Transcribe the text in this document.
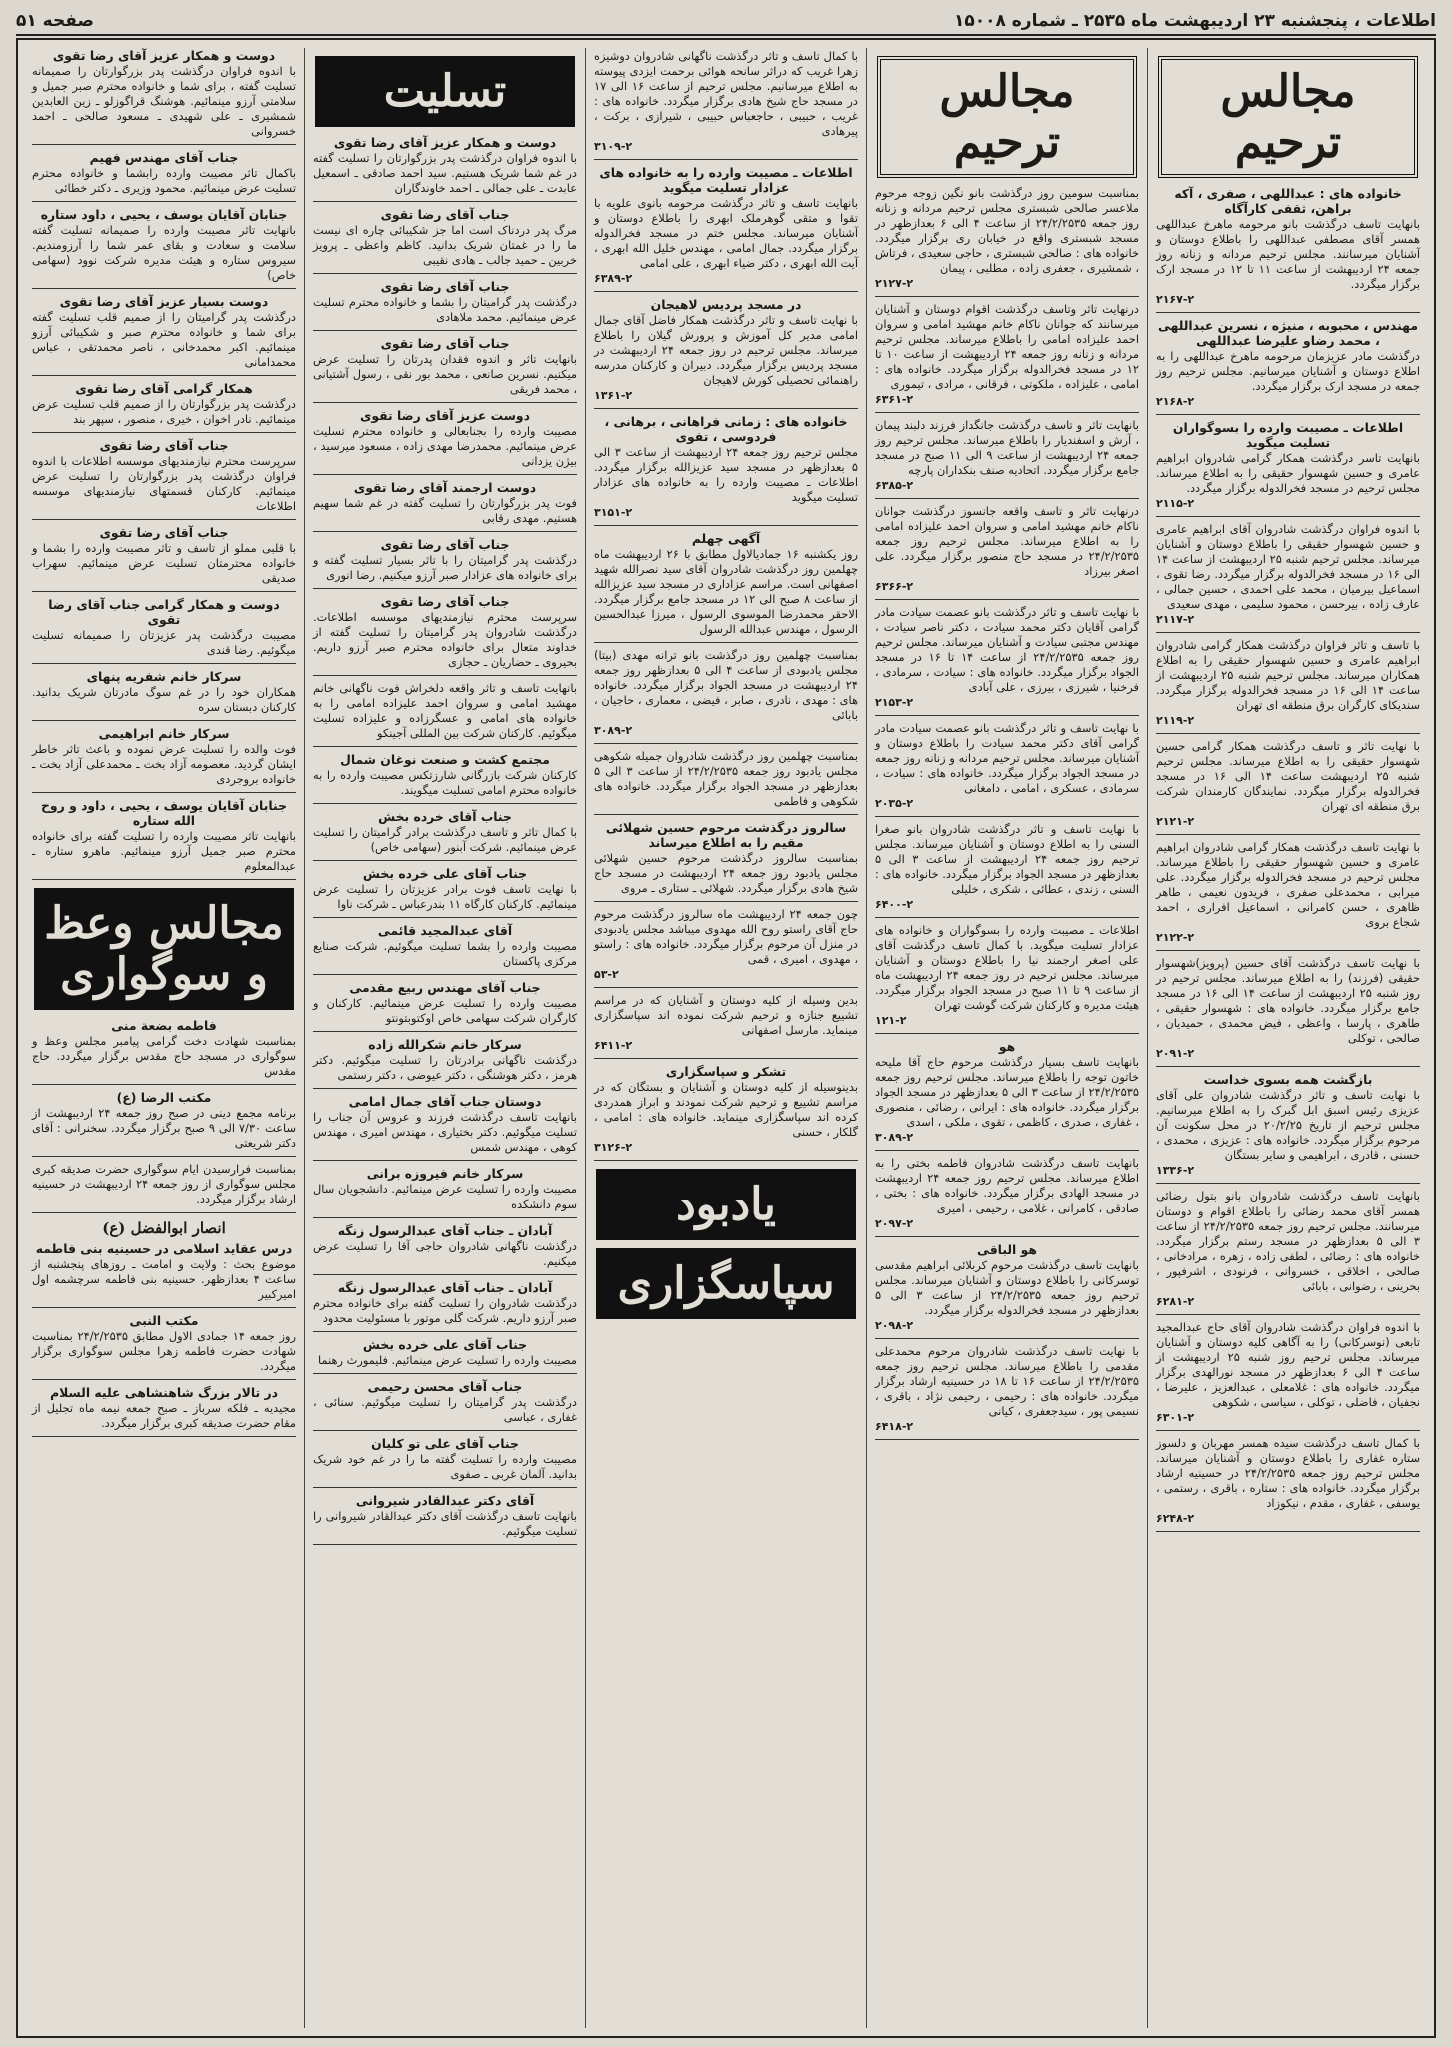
اطلاعات ، پنجشنبه ۲۳ اردیبهشت ماه ۲۵۳۵ ـ شماره ۱۵۰۰۸
صفحه ۵۱
مجالس ترحیم
خانواده های : عبداللهی ، صفری ، آکه براهن، ثقفی کارآگاه
بانهایت تاسف درگذشت بانو مرحومه ماهرخ عبداللهی همسر آقای مصطفی عبداللهی را باطلاع دوستان و آشنایان میرسانند. مجلس ترحیم مردانه و زنانه روز جمعه ۲۴ اردیبهشت از ساعت ۱۱ تا ۱۲ در مسجد ارک برگزار میگردد.
۲۱۶۷-۲
مهندس ، محبوبه ، منیژه ، نسرین عبداللهی ، محمد رضاو علیرضا عبداللهی
درگذشت مادر عزیزمان مرحومه ماهرخ عبداللهی را به اطلاع دوستان و آشنایان میرسانیم. مجلس ترحیم روز جمعه در مسجد ارک برگزار میگردد.
۲۱۶۸-۲
اطلاعات ـ مصیبت وارده را بسوگواران تسلیت میگوید
بانهایت تاسر درگذشت همکار گرامی شادروان ابراهیم عامری و حسین شهسوار حقیقی را به اطلاع میرساند. مجلس ترحیم در مسجد فخرالدوله برگزار میگردد.
۲۱۱۵-۲
با اندوه فراوان درگذشت شادروان آقای ابراهیم عامری و حسین شهسوار حقیقی را باطلاع دوستان و آشنایان میرساند. مجلس ترحیم شنبه ۲۵ اردیبهشت از ساعت ۱۴ الی ۱۶ در مسجد فخرالدوله برگزار میگردد. رضا تقوی ، اسماعیل بیرمیان ، محمد علی احمدی ، حسین جمالی ، عارف زاده ، بیرحسن ، محمود سلیمی ، مهدی سعیدی
۲۱۱۷-۲
با تاسف و تاثر فراوان درگذشت همکار گرامی شادروان ابراهیم عامری و حسین شهسوار حقیقی را به اطلاع همکاران میرساند. مجلس ترحیم شنبه ۲۵ اردیبهشت از ساعت ۱۴ الی ۱۶ در مسجد فخرالدوله برگزار میگردد. سندیکای کارگران برق منطقه ای تهران
۲۱۱۹-۲
با نهایت تاثر و تاسف درگذشت همکار گرامی حسین شهسوار حقیقی را به اطلاع میرساند. مجلس ترحیم شنبه ۲۵ اردیبهشت ساعت ۱۴ الی ۱۶ در مسجد فخرالدوله برگزار میگردد. نمایندگان کارمندان شرکت برق منطقه ای تهران
۲۱۲۱-۲
با نهایت تاسف درگذشت همکار گرامی شادروان ابراهیم عامری و حسین شهسوار حقیقی را باطلاع میرساند. مجلس ترحیم در مسجد فخرالدوله برگزار میگردد. علی میرابی ، محمدعلی صفری ، فریدون نعیمی ، طاهر ظاهری ، حسن کامرانی ، اسماعیل افراری ، احمد شجاع بروی
۲۱۲۲-۲
با نهایت تاسف درگذشت آقای حسین (پرویز)شهسوار حقیقی (فرزند) را به اطلاع میرساند. مجلس ترحیم در روز شنبه ۲۵ اردیبهشت از ساعت ۱۴ الی ۱۶ در مسجد جامع برگزار میگردد. خانواده های : شهسوار حقیقی ، طاهری ، پارسا ، واعظی ، فیض محمدی ، حمیدیان ، صالحی ، توکلی
۲۰۹۱-۲
بازگشت همه بسوی خداست
با نهایت تاسف و تاثر درگذشت شادروان علی آقای عزیزی رئیس اسبق ابل گبرک را به اطلاع میرسانیم. مجلس ترحیم از تاریخ ۲۰/۲/۲۵ در محل سکونت آن مرحوم برگزار میگردد. خانواده های : عزیزی ، محمدی ، حسنی ، قادری ، ابراهیمی و سایر بستگان
۱۳۳۶-۲
بانهایت تاسف درگذشت شادروان بانو بتول رضائی همسر آقای محمد رضائی را باطلاع اقوام و دوستان میرسانند. مجلس ترحیم روز جمعه ۲۴/۲/۲۵۳۵ از ساعت ۳ الی ۵ بعدازظهر در مسجد رستم برگزار میگردد. خانواده های : رضائی ، لطفی زاده ، زهره ، مرادخانی ، صالحی ، اخلاقی ، خسروانی ، فرنودی ، اشرفپور ، بحرینی ، رضوانی ، بابائی
۶۲۸۱-۲
با اندوه فراوان درگذشت شادروان آقای حاج عبدالمجید تابعی (نوسرکانی) را به آگاهی کلیه دوستان و آشنایان میرساند. مجلس ترحیم روز شنبه ۲۵ اردیبهشت از ساعت ۴ الی ۶ بعدازظهر در مسجد نورالهدی برگزار میگردد. خانواده های : غلامعلی ، عبدالعزیز ، علیرضا ، نجفیان ، فاضلی ، توکلی ، سیاسی ، شکوهی
۶۳۰۱-۲
با کمال تاسف درگذشت سیده همسر مهربان و دلسوز ستاره غفاری را باطلاع دوستان و آشنایان میرساند. مجلس ترحیم روز جمعه ۲۴/۲/۲۵۳۵ در حسینیه ارشاد برگزار میگردد. خانواده های : ستاره ، باقری ، رستمی ، یوسفی ، غفاری ، مقدم ، نیکوزاد
۶۲۴۸-۲
مجالس ترحیم
بمناسبت سومین روز درگذشت بانو نگین زوجه مرحوم ملاعسر صالحی شبستری مجلس ترحیم مردانه و زنانه روز جمعه ۲۴/۲/۲۵۳۵ از ساعت ۴ الی ۶ بعدازظهر در مسجد شبستری واقع در خیابان ری برگزار میگردد. خانواده های : صالحی شبستری ، حاجی سعیدی ، فرتاش ، شمشیری ، جعفری زاده ، مطلبی ، پیمان
۲۱۲۷-۲
درنهایت تاثر وتاسف درگذشت اقوام دوستان و آشنایان میرسانند که جوانان ناکام خانم مهشید امامی و سروان احمد علیزاده امامی را باطلاع میرساند. مجلس ترحیم مردانه و زنانه روز جمعه ۲۴ اردیبهشت از ساعت ۱۰ تا ۱۲ در مسجد فخرالدوله برگزار میگردد. خانواده های : امامی ، علیزاده ، ملکوتی ، فرقانی ، مرادی ، تیموری
۶۳۶۱-۲
بانهایت تاثر و تاسف درگذشت جانگداز فرزند دلبند پیمان ، آرش و اسفندیار را باطلاع میرساند. مجلس ترحیم روز جمعه ۲۴ اردیبهشت از ساعت ۹ الی ۱۱ صبح در مسجد جامع برگزار میگردد. اتحادیه صنف بنکداران پارچه
۶۳۸۵-۲
درنهایت تاثر و تاسف واقعه جانسوز درگذشت جوانان ناکام خانم مهشید امامی و سروان احمد علیزاده امامی را به اطلاع میرساند. مجلس ترحیم روز جمعه ۲۴/۲/۲۵۳۵ در مسجد حاج منصور برگزار میگردد. علی اصغر بیرزاد
۶۳۶۶-۲
با نهایت تاسف و تاثر درگذشت بانو عصمت سیادت مادر گرامی آقایان دکتر محمد سیادت ، دکتر ناصر سیادت ، مهندس مجتبی سیادت و آشنایان میرساند. مجلس ترحیم روز جمعه ۲۴/۲/۲۵۳۵ از ساعت ۱۴ تا ۱۶ در مسجد الجواد برگزار میگردد. خانواده های : سیادت ، سرمادی ، فرخنیا ، شیرزی ، بیرزی ، علی آبادی
۲۱۵۳-۲
با نهایت تاسف و تاثر درگذشت بانو عصمت سیادت مادر گرامی آقای دکتر محمد سیادت را باطلاع دوستان و آشنایان میرساند. مجلس ترحیم مردانه و زنانه روز جمعه در مسجد الجواد برگزار میگردد. خانواده های : سیادت ، سرمادی ، عسکری ، امامی ، دامغانی
۲۰۳۵-۲
با نهایت تاسف و تاثر درگذشت شادروان بانو صغرا السنی را به اطلاع دوستان و آشنایان میرساند. مجلس ترحیم روز جمعه ۲۴ اردیبهشت از ساعت ۳ الی ۵ بعدازظهر در مسجد الجواد برگزار میگردد. خانواده های : السنی ، زندی ، عطائی ، شکری ، خلیلی
۶۴۰۰-۲
اطلاعات ـ مصیبت وارده را بسوگواران و خانواده های عزادار تسلیت میگوید. با کمال تاسف درگذشت آقای علی اصغر ارجمند نیا را باطلاع دوستان و آشنایان میرساند. مجلس ترحیم در روز جمعه ۲۴ اردیبهشت ماه از ساعت ۹ تا ۱۱ صبح در مسجد الجواد برگزار میگردد. هیئت مدیره و کارکنان شرکت گوشت تهران
۱۲۱-۲
هو
بانهایت تاسف بسیار درگذشت مرحوم حاج آقا ملیحه خاتون توجه را باطلاع میرساند. مجلس ترحیم روز جمعه ۲۴/۲/۲۵۳۵ از ساعت ۳ الی ۵ بعدازظهر در مسجد الجواد برگزار میگردد. خانواده های : ایرانی ، رضائی ، منصوری ، غفاری ، صدری ، کاظمی ، تقوی ، ملکی ، اسدی
۳۰۸۹-۲
بانهایت تاسف درگذشت شادروان فاطمه بختی را به اطلاع میرساند. مجلس ترحیم روز جمعه ۲۴ اردیبهشت در مسجد الهادی برگزار میگردد. خانواده های : بختی ، صادقی ، کامرانی ، غلامی ، رحیمی ، امیری
۲۰۹۷-۲
هو الباقی
بانهایت تاسف درگذشت مرحوم کربلائی ابراهیم مقدسی توسرکانی را باطلاع دوستان و آشنایان میرساند. مجلس ترحیم روز جمعه ۲۴/۲/۲۵۳۵ از ساعت ۳ الی ۵ بعدازظهر در مسجد فخرالدوله برگزار میگردد.
۲۰۹۸-۲
با نهایت تاسف درگذشت شادروان مرحوم محمدعلی مقدمی را باطلاع میرساند. مجلس ترحیم روز جمعه ۲۴/۲/۲۵۳۵ از ساعت ۱۶ تا ۱۸ در حسینیه ارشاد برگزار میگردد. خانواده های : رحیمی ، رحیمی نژاد ، باقری ، نسیمی پور ، سیدجعفری ، کیانی
۶۴۱۸-۲
با کمال تاسف و تاثر درگذشت ناگهانی شادروان دوشیزه زهرا غریب که دراثر سانحه هوائی برحمت ایزدی پیوسته به اطلاع میرسانیم. مجلس ترحیم از ساعت ۱۶ الی ۱۷ در مسجد حاج شیخ هادی برگزار میگردد. خانواده های : غریب ، حبیبی ، حاجعباس حبیبی ، شیرازی ، برکت ، پیرهادی
۳۱۰۹-۲
اطلاعات ـ مصیبت وارده را به خانواده های عزادار تسلیت میگوید
بانهایت تاسف و تاثر درگذشت مرحومه بانوی علویه با تقوا و متقی گوهرملک ابهری را باطلاع دوستان و آشنایان میرساند. مجلس ختم در مسجد فخرالدوله برگزار میگردد. جمال امامی ، مهندس خلیل الله ابهری ، آیت الله ابهری ، دکتر ضیاء ابهری ، علی امامی
۶۳۸۹-۲
در مسجد پردیس لاهیجان
با نهایت تاسف و تاثر درگذشت همکار فاضل آقای جمال امامی مدیر کل آموزش و پرورش گیلان را باطلاع میرساند. مجلس ترحیم در روز جمعه ۲۴ اردیبهشت در مسجد پردیس برگزار میگردد. دبیران و کارکنان مدرسه راهنمائی تحصیلی کورش لاهیجان
۱۳۶۱-۲
خانواده های : زمانی فراهانی ، برهانی ، فردوسی ، تفوی
مجلس ترحیم روز جمعه ۲۴ اردیبهشت از ساعت ۳ الی ۵ بعدازظهر در مسجد سید عزیزالله برگزار میگردد. اطلاعات ـ مصیبت وارده را به خانواده های عزادار تسلیت میگوید
۳۱۵۱-۲
آگهی چهلم
روز یکشنبه ۱۶ جمادیالاول مطابق با ۲۶ اردیبهشت ماه چهلمین روز درگذشت شادروان آقای سید نصرالله شهید اصفهانی است. مراسم عزاداری در مسجد سید عزیزالله از ساعت ۸ صبح الی ۱۲ در مسجد جامع برگزار میگردد. الاحقر محمدرضا الموسوی الرسول ، میرزا عبدالحسین الرسول ، مهندس عبدالله الرسول
بمناسبت چهلمین روز درگذشت بانو ترانه مهدی (بیتا) مجلس یادبودی از ساعت ۴ الی ۵ بعدازظهر روز جمعه ۲۴ اردیبهشت در مسجد الجواد برگزار میگردد. خانواده های : مهدی ، نادری ، صابر ، فیضی ، معماری ، حاجیان ، بابائی
۳۰۸۹-۲
بمناسبت چهلمین روز درگذشت شادروان جمیله شکوهی مجلس یادبود روز جمعه ۲۴/۲/۲۵۳۵ از ساعت ۳ الی ۵ بعدازظهر در مسجد الجواد برگزار میگردد. خانواده های شکوهی و فاطمی
سالروز درگذشت مرحوم حسین شهلائی مقیم را به اطلاع میرساند
بمناسبت سالروز درگذشت مرحوم حسین شهلائی مجلس یادبود روز جمعه ۲۴ اردیبهشت در مسجد حاج شیخ هادی برگزار میگردد. شهلائی ـ ستاری ـ مروی
چون جمعه ۲۴ اردیبهشت ماه سالروز درگذشت مرحوم حاج آقای راستو روح الله مهدوی میباشد مجلس یادبودی در منزل آن مرحوم برگزار میگردد. خانواده های : راستو ، مهدوی ، امیری ، قمی
۵۳-۲
بدین وسیله از کلیه دوستان و آشنایان که در مراسم تشییع جنازه و ترحیم شرکت نموده اند سپاسگزاری مینماید. مارسل اصفهانی
۶۴۱۱-۲
تشکر و سپاسگزاری
بدینوسیله از کلیه دوستان و آشنایان و بستگان که در مراسم تشییع و ترحیم شرکت نمودند و ابراز همدردی کرده اند سپاسگزاری مینماید. خانواده های : امامی ، گلکار ، حسنی
۳۱۲۶-۲
یادبود
سپاسگزاری
تسلیت
دوست و همکار عزیز آقای رضا تقوی
با اندوه فراوان درگذشت پدر بزرگوارتان را تسلیت گفته در غم شما شریک هستیم. سید احمد صادقی ـ اسمعیل عابدت ـ علی جمالی ـ احمد خاوندگاران
جناب آقای رضا تقوی
مرگ پدر دردناک است اما جز شکیبائی چاره ای نیست ما را در غمتان شریک بدانید. کاظم واعظی ـ پرویز خربین ـ حمید جالب ـ هادی نقیبی
جناب آقای رضا تقوی
درگذشت پدر گرامیتان را بشما و خانواده محترم تسلیت عرض مینمائیم. محمد ملاهادی
جناب آقای رضا تقوی
بانهایت تاثر و اندوه فقدان پدرتان را تسلیت عرض میکنیم. نسرین صانعی ، محمد بور نقی ، رسول آشتیانی ، محمد فریقی
دوست عزیز آقای رضا تقوی
مصیبت وارده را بجنابعالی و خانواده محترم تسلیت عرض مینمائیم. محمدرضا مهدی زاده ، مسعود میرسید ، بیژن یزدانی
دوست ارجمند آقای رضا تقوی
فوت پدر بزرگوارتان را تسلیت گفته در غم شما سهیم هستیم. مهدی رقابی
جناب آقای رضا تقوی
درگذشت پدر گرامیتان را با تاثر بسیار تسلیت گفته و برای خانواده های عزادار صبر آرزو میکنیم. رضا انوری
جناب آقای رضا تقوی
سرپرست محترم نیازمندیهای موسسه اطلاعات. درگذشت شادروان پدر گرامیتان را تسلیت گفته از خداوند متعال برای خانواده محترم صبر آرزو داریم. بحیروی ـ حضاریان ـ حجازی
بانهایت تاسف و تاثر واقعه دلخراش فوت ناگهانی خانم مهشید امامی و سروان احمد علیزاده امامی را به خانواده های امامی و عسگرزاده و علیزاده تسلیت میگوئیم. کارکنان شرکت بین المللی آجینکو
مجتمع کشت و صنعت نوغان شمال
کارکنان شرکت بازرگانی شارزتکس مصیبت وارده را به خانواده محترم امامی تسلیت میگویند.
جناب آقای خرده بخش
با کمال تاثر و تاسف درگذشت برادر گرامیتان را تسلیت عرض مینمائیم. شرکت آبنور (سهامی خاص)
جناب آقای علی خرده بخش
با نهایت تاسف فوت برادر عزیزتان را تسلیت عرض مینمائیم. کارکنان کارگاه ۱۱ بندرعباس ـ شرکت ناوا
آقای عبدالمجید قائمی
مصیبت وارده را بشما تسلیت میگوئیم. شرکت صنایع مرکزی پاکستان
جناب آقای مهندس ربیع مقدمی
مصیبت وارده را تسلیت عرض مینمائیم. کارکنان و کارگران شرکت سهامی خاص اوکتوبتونتو
سرکار خانم شکرالله زاده
درگذشت ناگهانی برادرتان را تسلیت میگوئیم. دکتر هرمز ، دکتر هوشنگی ، دکتر عیوضی ، دکتر رستمی
دوستان جناب آقای جمال امامی
بانهایت تاسف درگذشت فرزند و عروس آن جناب را تسلیت میگوئیم. دکتر بختیاری ، مهندس امیری ، مهندس کوهی ، مهندس شمس
سرکار خانم فیروزه برانی
مصیبت وارده را تسلیت عرض مینمائیم. دانشجویان سال سوم دانشکده
آبادان ـ جناب آقای عبدالرسول زنگه
درگذشت ناگهانی شادروان حاجی آقا را تسلیت عرض میکنیم.
آبادان ـ جناب آقای عبدالرسول زنگه
درگذشت شادروان را تسلیت گفته برای خانواده محترم صبر آرزو داریم. شرکت گلی موتور با مسئولیت محدود
جناب آقای علی خرده بخش
مصیبت وارده را تسلیت عرض مینمائیم. فلیمورث رهنما
جناب آقای محسن رحیمی
درگذشت پدر گرامیتان را تسلیت میگوئیم. سنائی ، غفاری ، عباسی
جناب آقای علی تو کلیان
مصیبت وارده را تسلیت گفته ما را در غم خود شریک بدانید. آلمان غربی ـ صفوی
آقای دکتر عبدالقادر شیروانی
بانهایت تاسف درگذشت آقای دکتر عبدالقادر شیروانی را تسلیت میگوئیم.
دوست و همکار عزیز آقای رضا تقوی
با اندوه فراوان درگذشت پدر بزرگوارتان را صمیمانه تسلیت گفته ، برای شما و خانواده محترم صبر جمیل و سلامتی آرزو مینمائیم. هوشنگ قراگوزلو ـ زین العابدین شمشیری ـ علی شهیدی ـ مسعود صالحی ـ احمد خسروانی
جناب آقای مهندس فهیم
باکمال تاثر مصیبت وارده رابشما و خانواده محترم تسلیت عرض مینمائیم. محمود وزیری ـ دکتر خطائی
جنابان آقایان یوسف ، یحیی ، داود ستاره
بانهایت تاثر مصیبت وارده را صمیمانه تسلیت گفته سلامت و سعادت و بقای عمر شما را آرزومندیم. سیروس ستاره و هیئت مدیره شرکت نوود (سهامی خاص)
دوست بسیار عزیز آقای رضا تقوی
درگذشت پدر گرامیتان را از صمیم قلب تسلیت گفته برای شما و خانواده محترم صبر و شکیبائی آرزو مینمائیم. اکبر محمدخانی ، ناصر محمدتقی ، عباس محمدامانی
همکار گرامی آقای رضا تقوی
درگذشت پدر بزرگوارتان را از صمیم قلب تسلیت عرض مینمائیم. نادر اخوان ، خیری ، منصور ، سپهر بند
جناب آقای رضا تقوی
سرپرست محترم نیازمندیهای موسسه اطلاعات با اندوه فراوان درگذشت پدر بزرگوارتان را تسلیت عرض مینمائیم. کارکنان قسمتهای نیازمندیهای موسسه اطلاعات
جناب آقای رضا تقوی
با قلبی مملو از تاسف و تاثر مصیبت وارده را بشما و خانواده محترمتان تسلیت عرض مینمائیم. سهراب صدیقی
دوست و همکار گرامی جناب آقای رضا تقوی
مصیبت درگذشت پدر عزیزتان را صمیمانه تسلیت میگوئیم. رضا قندی
سرکار خانم شفریه پنهای
همکاران خود را در غم سوگ مادرتان شریک بدانید. کارکنان دبستان سره
سرکار خانم ابراهیمی
فوت والده را تسلیت عرض نموده و باعث تاثر خاطر ایشان گردید. معصومه آزاد بخت ـ محمدعلی آزاد بخت ـ خانواده بروجردی
جنابان آقایان یوسف ، یحیی ، داود و روح الله ستاره
بانهایت تاثر مصیبت وارده را تسلیت گفته برای خانواده محترم صبر جمیل آرزو مینمائیم. ماهرو ستاره ـ عبدالمعلوم
مجالس وعظ و سوگواری
فاطمه بضعة منی
بمناسبت شهادت دخت گرامی پیامبر مجلس وعظ و سوگواری در مسجد حاج مقدس برگزار میگردد. حاج مقدس
مکتب الرضا (ع)
برنامه مجمع دینی در صبح روز جمعه ۲۴ اردیبهشت از ساعت ۷/۳۰ الی ۹ صبح برگزار میگردد. سخنرانی : آقای دکتر شریعتی
بمناسبت فرارسیدن ایام سوگواری حضرت صدیقه کبری مجلس سوگواری از روز جمعه ۲۴ اردیبهشت در حسینیه ارشاد برگزار میگردد.
انصار ابوالفضل (ع)
درس عقاید اسلامی در حسینیه بنی فاطمه
موضوع بحث : ولایت و امامت ـ روزهای پنجشنبه از ساعت ۴ بعدازظهر. حسینیه بنی فاطمه سرچشمه اول امیرکبیر
مکتب النبی
روز جمعه ۱۴ جمادی الاول مطابق ۲۴/۲/۲۵۳۵ بمناسبت شهادت حضرت فاطمه زهرا مجلس سوگواری برگزار میگردد.
در تالار بزرگ شاهنشاهی علیه السلام
مجیدیه ـ فلکه سرباز ـ صبح جمعه نیمه ماه تجلیل از مقام حضرت صدیقه کبری برگزار میگردد.
